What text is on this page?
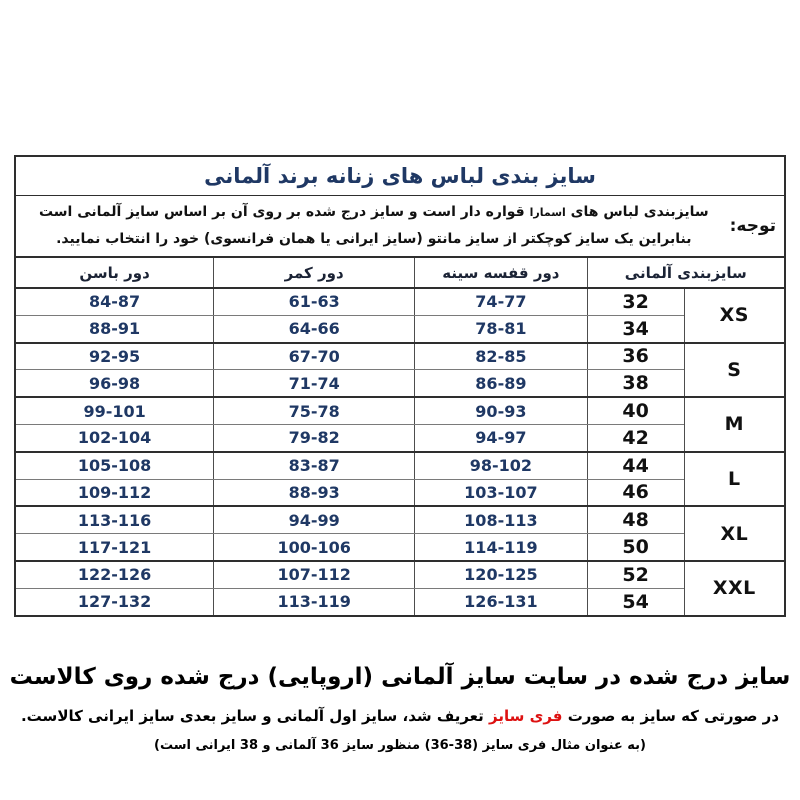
سایز بندی لباس های زنانه برند آلمانی				

توجه:
سایزبندی لباس های اسمارا قواره دار است و سایز درج شده بر روی آن بر اساس سایز آلمانی است
بنابراین یک سایز کوچکتر از سایز مانتو (سایز ایرانی یا همان فرانسوی) خود را انتخاب نمایید.				

سایزبندی آلمانی		دور قفسه سینه	دور کمر	دور باسن
XS	32	74-77	61-63	84-87
	34	78-81	64-66	88-91
S	36	82-85	67-70	92-95
	38	86-89	71-74	96-98
M	40	90-93	75-78	99-101
	42	94-97	79-82	102-104
L	44	98-102	83-87	105-108
	46	103-107	88-93	109-112
XL	48	108-113	94-99	113-116
	50	114-119	100-106	117-121
XXL	52	120-125	107-112	122-126
	54	126-131	113-119	127-132
سایز درج شده در سایت سایز آلمانی (اروپایی) درج شده روی کالاست
در صورتی که سایز به صورت فری سایز تعریف شد، سایز اول آلمانی و سایز بعدی سایز ایرانی کالاست.
(به عنوان مثال فری سایز (38-36) منظور سایز 36 آلمانی و 38 ایرانی است)
